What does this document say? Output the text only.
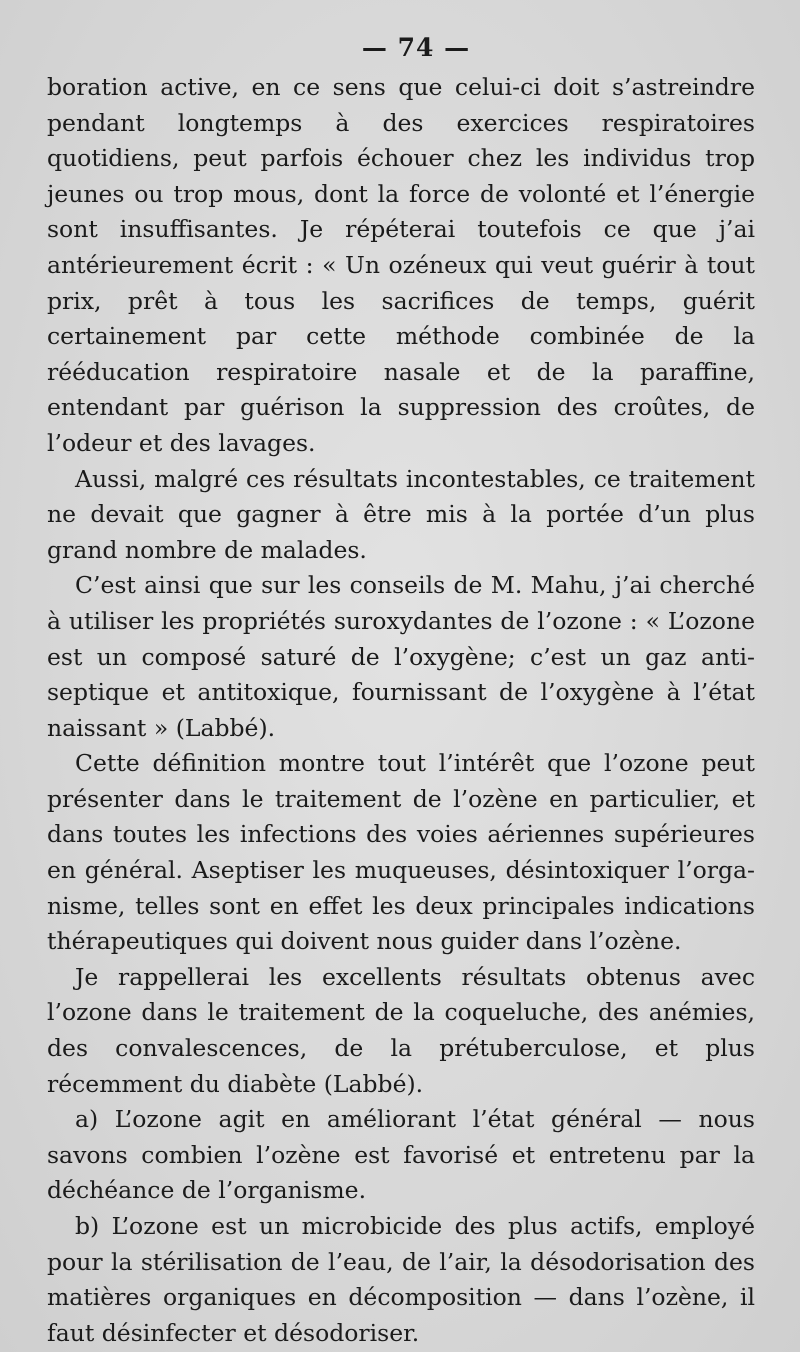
— 74 —

boration active, en ce sens que celui-ci doit s’astreindre pendant longtemps à des exercices respiratoires quotidiens, peut parfois échouer chez les individus trop jeunes ou trop mous, dont la force de volonté et l’énergie sont insuffisantes. Je répéterai toutefois ce que j’ai antérieurement écrit : « Un ozéneux qui veut guérir à tout prix, prêt à tous les sacrifices de temps, guérit certainement par cette méthode combinée de la rééducation respiratoire nasale et de la paraffine, entendant par guérison la suppression des croûtes, de l’odeur et des lavages.

Aussi, malgré ces résultats incontestables, ce traitement ne devait que gagner à être mis à la portée d’un plus grand nombre de malades.

C’est ainsi que sur les conseils de M. Mahu, j’ai cherché à utiliser les propriétés suroxydantes de l’ozone : « L’ozone est un composé saturé de l’oxygène; c’est un gaz antiseptique et antitoxique, fournissant de l’oxygène à l’état naissant » (Labbé).

Cette définition montre tout l’intérêt que l’ozone peut présenter dans le traitement de l’ozène en particulier, et dans toutes les infections des voies aériennes supérieures en général. Aseptiser les muqueuses, désintoxiquer l’organisme, telles sont en effet les deux principales indications thérapeutiques qui doivent nous guider dans l’ozène.

Je rappellerai les excellents résultats obtenus avec l’ozone dans le traitement de la coqueluche, des anémies, des convalescences, de la prétuberculose, et plus récemment du diabète (Labbé).

a) L’ozone agit en améliorant l’état général — nous savons combien l’ozène est favorisé et entretenu par la déchéance de l’organisme.

b) L’ozone est un microbicide des plus actifs, employé pour la stérilisation de l’eau, de l’air, la désodorisation des matières organiques en décomposition — dans l’ozène, il faut désinfecter et désodoriser.
